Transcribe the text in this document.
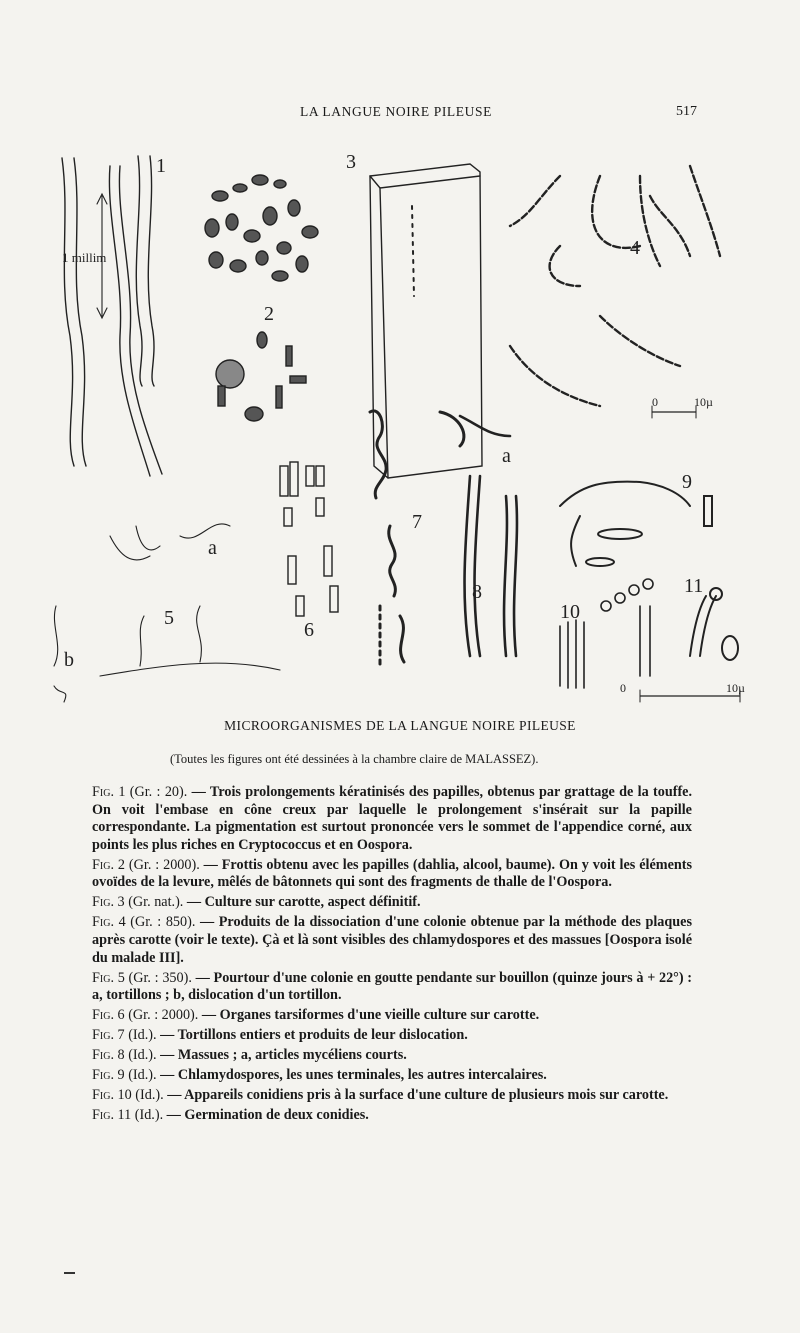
LA LANGUE NOIRE PILEUSE	517
1
1 millim
2
3
4
0	10µ
5
a
b
6
7
8
a
9
10
11
0	10µ
MICROORGANISMES DE LA LANGUE NOIRE PILEUSE
(Toutes les figures ont été dessinées à la chambre claire de MALASSEZ).

Fig. 1 (Gr. : 20). — Trois prolongements kératinisés des papilles, obtenus par grattage de la touffe. On voit l'embase en cône creux par laquelle le prolongement s'insérait sur la papille correspondante. La pigmentation est surtout prononcée vers le sommet de l'appendice corné, aux points les plus riches en Cryptococcus et en Oospora.

Fig. 2 (Gr. : 2000). — Frottis obtenu avec les papilles (dahlia, alcool, baume). On y voit les éléments ovoïdes de la levure, mêlés de bâtonnets qui sont des fragments de thalle de l'Oospora.

Fig. 3 (Gr. nat.). — Culture sur carotte, aspect définitif.

Fig. 4 (Gr. : 850). — Produits de la dissociation d'une colonie obtenue par la méthode des plaques après carotte (voir le texte). Çà et là sont visibles des chlamydospores et des massues [Oospora isolé du malade III].

Fig. 5 (Gr. : 350). — Pourtour d'une colonie en goutte pendante sur bouillon (quinze jours à + 22°) : a, tortillons ; b, dislocation d'un tortillon.

Fig. 6 (Gr. : 2000). — Organes tarsiformes d'une vieille culture sur carotte.

Fig. 7 (Id.). — Tortillons entiers et produits de leur dislocation.

Fig. 8 (Id.). — Massues ; a, articles mycéliens courts.

Fig. 9 (Id.). — Chlamydospores, les unes terminales, les autres intercalaires.

Fig. 10 (Id.). — Appareils conidiens pris à la surface d'une culture de plusieurs mois sur carotte.

Fig. 11 (Id.). — Germination de deux conidies.
